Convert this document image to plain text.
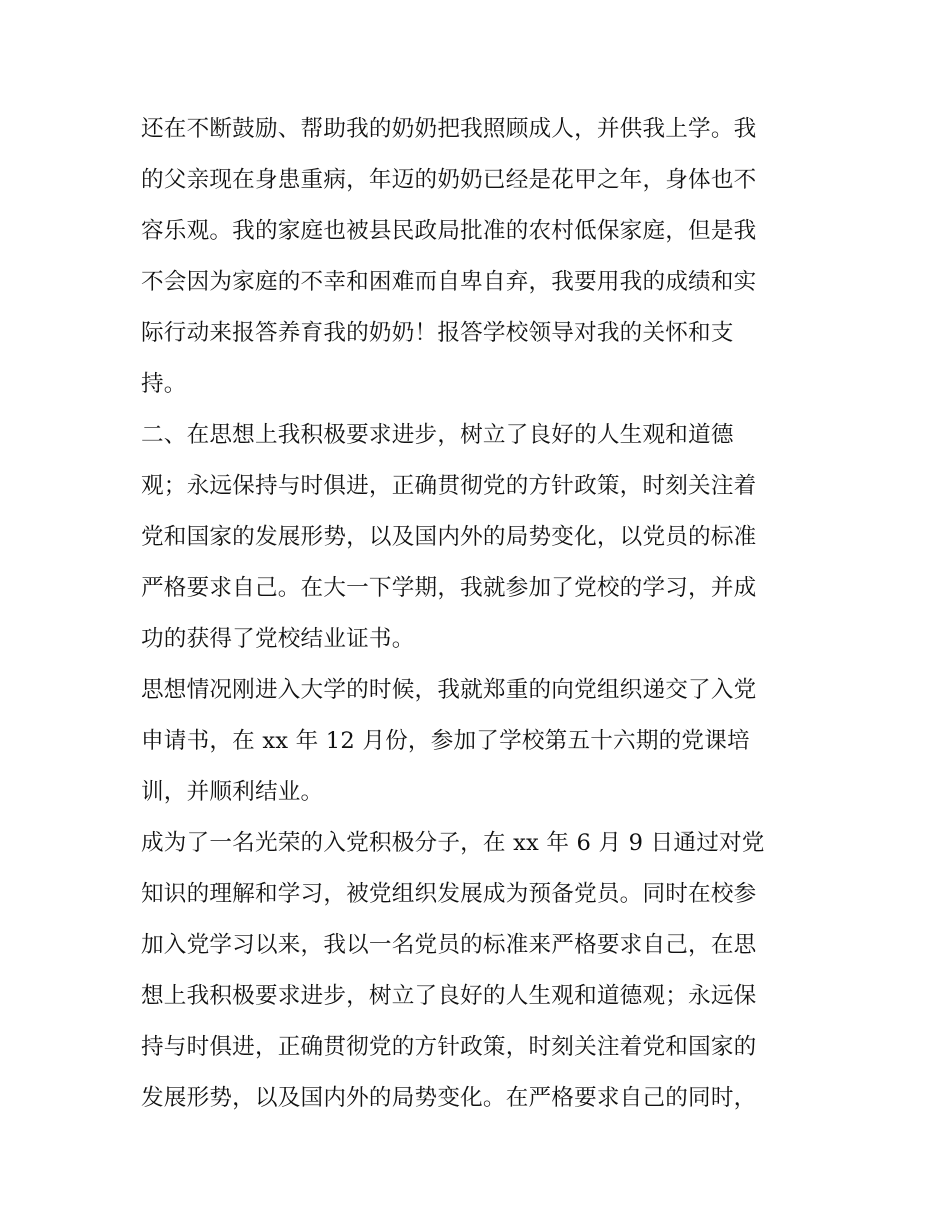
还在不断鼓励、帮助我的奶奶把我照顾成人，并供我上学。我
的父亲现在身患重病，年迈的奶奶已经是花甲之年，身体也不
容乐观。我的家庭也被县民政局批准的农村低保家庭，但是我
不会因为家庭的不幸和困难而自卑自弃，我要用我的成绩和实
际行动来报答养育我的奶奶！报答学校领导对我的关怀和支
持。
二、在思想上我积极要求进步，树立了良好的人生观和道德
观；永远保持与时俱进，正确贯彻党的方针政策，时刻关注着
党和国家的发展形势，以及国内外的局势变化，以党员的标准
严格要求自己。在大一下学期，我就参加了党校的学习，并成
功的获得了党校结业证书。
思想情况刚进入大学的时候，我就郑重的向党组织递交了入党
申请书，在 xx 年 12 月份，参加了学校第五十六期的党课培
训，并顺利结业。
成为了一名光荣的入党积极分子，在 xx 年 6 月 9 日通过对党
知识的理解和学习，被党组织发展成为预备党员。同时在校参
加入党学习以来，我以一名党员的标准来严格要求自己，在思
想上我积极要求进步，树立了良好的人生观和道德观；永远保
持与时俱进，正确贯彻党的方针政策，时刻关注着党和国家的
发展形势，以及国内外的局势变化。在严格要求自己的同时，
